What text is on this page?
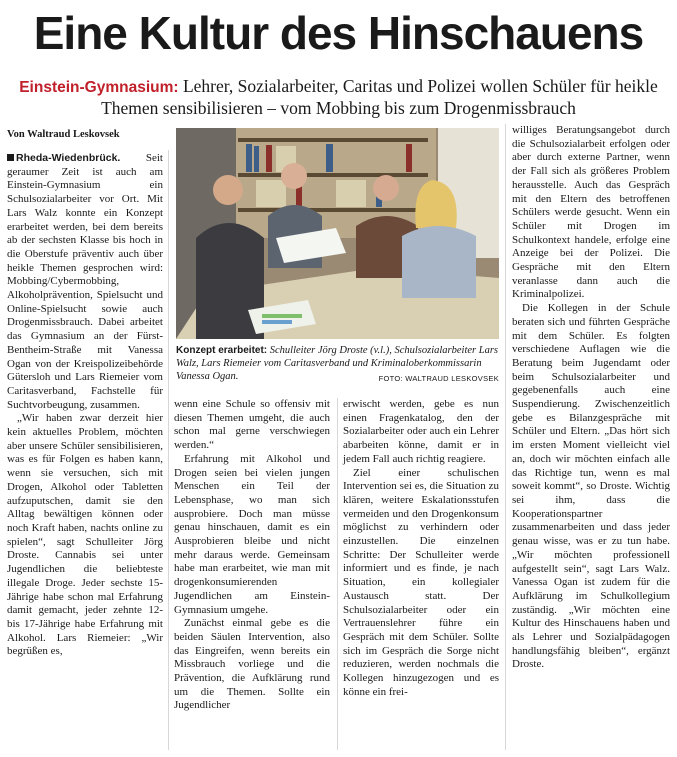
Eine Kultur des Hinschauens
Einstein-Gymnasium: Lehrer, Sozialarbeiter, Caritas und Polizei wollen Schüler für heikle Themen sensibilisieren – vom Mobbing bis zum Drogenmissbrauch
Von Waltraud Leskovsek

Rheda-Wiedenbrück. Seit geraumer Zeit ist auch am Einstein-Gymnasium ein Schulsozialarbeiter vor Ort. Mit Lars Walz konnte ein Konzept erarbeitet werden, bei dem bereits ab der sechsten Klasse bis hoch in die Oberstufe präventiv auch über heikle Themen gesprochen wird: Mobbing/Cybermobbing, Alkoholprävention, Spielsucht und Online-Spielsucht sowie auch Drogenmissbrauch. Dabei arbeitet das Gymnasium an der Fürst-Bentheim-Straße mit Vanessa Ogan von der Kreispolizeibehörde Gütersloh und Lars Riemeier vom Caritasverband, Fachstelle für Suchtvorbeugung, zusammen.

„Wir haben zwar derzeit hier kein aktuelles Problem, möchten aber unsere Schüler sensibilisieren, was es für Folgen es haben kann, wenn sie versuchen, sich mit Drogen, Alkohol oder Tabletten aufzuputschen, damit sie den Alltag bewältigen können oder noch Kraft haben, nachts online zu spielen“, sagt Schulleiter Jörg Droste. Cannabis sei unter Jugendlichen die beliebteste illegale Droge. Jeder sechste 15-Jährige habe schon mal Erfahrung damit gemacht, jeder zehnte 12- bis 17-Jährige habe Erfahrung mit Alkohol. Lars Riemeier: „Wir begrüßen es,

Konzept erarbeitet: Schulleiter Jörg Droste (v.l.), Schulsozialarbeiter Lars Walz, Lars Riemeier vom Caritasverband und Kriminaloberkommissarin Vanessa Ogan.	FOTO: WALTRAUD LESKOVSEK

wenn eine Schule so offensiv mit diesen Themen umgeht, die auch schon mal gerne verschwiegen werden.“

Erfahrung mit Alkohol und Drogen seien bei vielen jungen Menschen ein Teil der Lebensphase, wo man sich ausprobiere. Doch man müsse genau hinschauen, damit es ein Ausprobieren bleibe und nicht mehr daraus werde. Gemeinsam habe man erarbeitet, wie man mit drogenkonsumierenden Jugendlichen am Einstein-Gymnasium umgehe.

Zunächst einmal gebe es die beiden Säulen Intervention, also das Eingreifen, wenn bereits ein Missbrauch vorliege und die Prävention, die Aufklärung rund um die Themen. Sollte ein Jugendlicher

erwischt werden, gebe es nun einen Fragenkatalog, den der Sozialarbeiter oder auch ein Lehrer abarbeiten könne, damit er in jedem Fall auch richtig reagiere.

Ziel einer schulischen Intervention sei es, die Situation zu klären, weitere Eskalationsstufen vermeiden und den Drogenkonsum möglichst zu verhindern oder einzustellen. Die einzelnen Schritte: Der Schulleiter werde informiert und es finde, je nach Situation, ein kollegialer Austausch statt. Der Schulsozialarbeiter oder ein Vertrauenslehrer führe ein Gespräch mit dem Schüler. Sollte sich im Gespräch die Sorge nicht reduzieren, werden nochmals die Kollegen hinzugezogen und es könne ein frei-

williges Beratungsangebot durch die Schulsozialarbeit erfolgen oder aber durch externe Partner, wenn der Fall sich als größeres Problem herausstelle. Auch das Gespräch mit den Eltern des betroffenen Schülers werde gesucht. Wenn ein Schüler mit Drogen im Schulkontext handele, erfolge eine Anzeige bei der Polizei. Die Gespräche mit den Eltern veranlasse dann auch die Kriminalpolizei.

Die Kollegen in der Schule beraten sich und führten Gespräche mit dem Schüler. Es folgten verschiedene Auflagen wie die Beratung beim Jugendamt oder beim Schulsozialarbeiter und gegebenenfalls auch eine Suspendierung. Zwischenzeitlich gebe es Bilanzgespräche mit Schüler und Eltern. „Das hört sich im ersten Moment vielleicht viel an, doch wir möchten einfach alle das Richtige tun, wenn es mal soweit kommt“, so Droste. Wichtig sei ihm, dass die Kooperationspartner zusammenarbeiten und dass jeder genau wisse, was er zu tun habe. „Wir möchten professionell aufgestellt sein“, sagt Lars Walz. Vanessa Ogan ist zudem für die Aufklärung im Schulkollegium zuständig. „Wir möchten eine Kultur des Hinschauens haben und als Lehrer und Sozialpädagogen handlungsfähig bleiben“, ergänzt Droste.
